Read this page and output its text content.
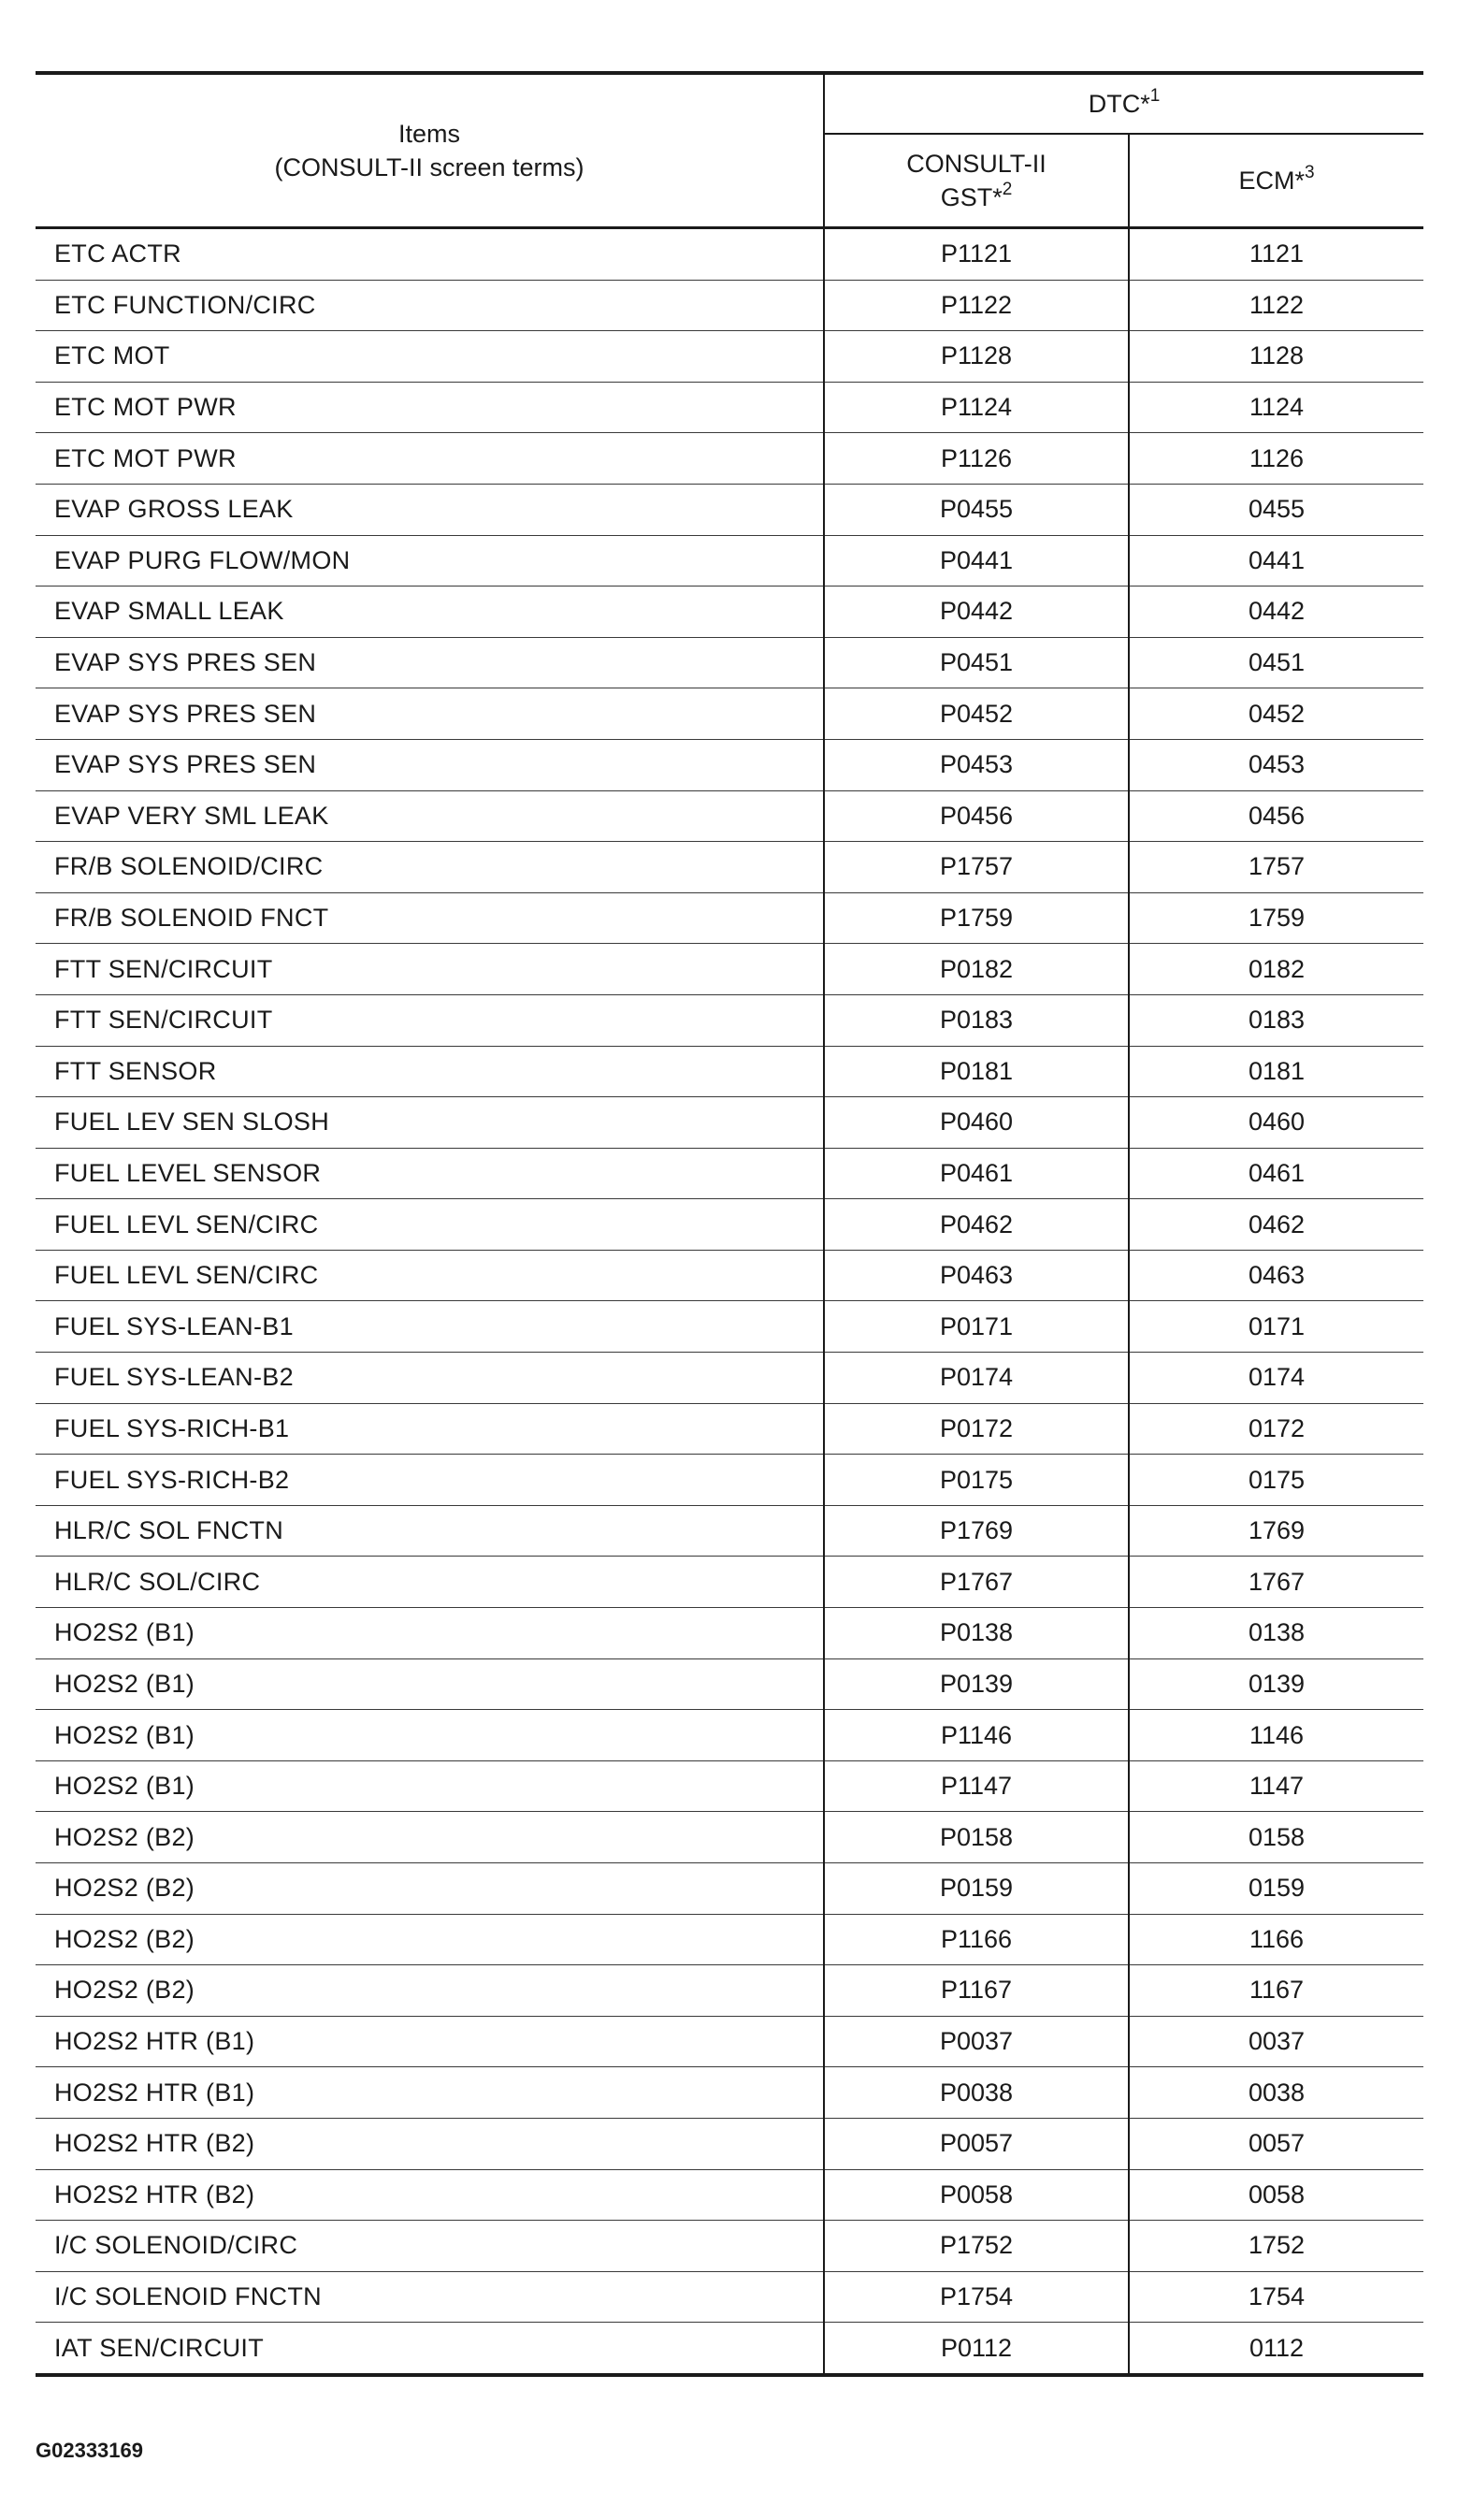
Items
(CONSULT-II screen terms)	DTC*$^1$

	CONSULT-II
GST*$^2$	ECM*$^3$
ETC ACTR	P1121	1121
ETC FUNCTION/CIRC	P1122	1122
ETC MOT	P1128	1128
ETC MOT PWR	P1124	1124
ETC MOT PWR	P1126	1126
EVAP GROSS LEAK	P0455	0455
EVAP PURG FLOW/MON	P0441	0441
EVAP SMALL LEAK	P0442	0442
EVAP SYS PRES SEN	P0451	0451
EVAP SYS PRES SEN	P0452	0452
EVAP SYS PRES SEN	P0453	0453
EVAP VERY SML LEAK	P0456	0456
FR/B SOLENOID/CIRC	P1757	1757
FR/B SOLENOID FNCT	P1759	1759
FTT SEN/CIRCUIT	P0182	0182
FTT SEN/CIRCUIT	P0183	0183
FTT SENSOR	P0181	0181
FUEL LEV SEN SLOSH	P0460	0460
FUEL LEVEL SENSOR	P0461	0461
FUEL LEVL SEN/CIRC	P0462	0462
FUEL LEVL SEN/CIRC	P0463	0463
FUEL SYS-LEAN-B1	P0171	0171
FUEL SYS-LEAN-B2	P0174	0174
FUEL SYS-RICH-B1	P0172	0172
FUEL SYS-RICH-B2	P0175	0175
HLR/C SOL FNCTN	P1769	1769
HLR/C SOL/CIRC	P1767	1767
HO2S2 (B1)	P0138	0138
HO2S2 (B1)	P0139	0139
HO2S2 (B1)	P1146	1146
HO2S2 (B1)	P1147	1147
HO2S2 (B2)	P0158	0158
HO2S2 (B2)	P0159	0159
HO2S2 (B2)	P1166	1166
HO2S2 (B2)	P1167	1167
HO2S2 HTR (B1)	P0037	0037
HO2S2 HTR (B1)	P0038	0038
HO2S2 HTR (B2)	P0057	0057
HO2S2 HTR (B2)	P0058	0058
I/C SOLENOID/CIRC	P1752	1752
I/C SOLENOID FNCTN	P1754	1754
IAT SEN/CIRCUIT	P0112	0112
G02333169
